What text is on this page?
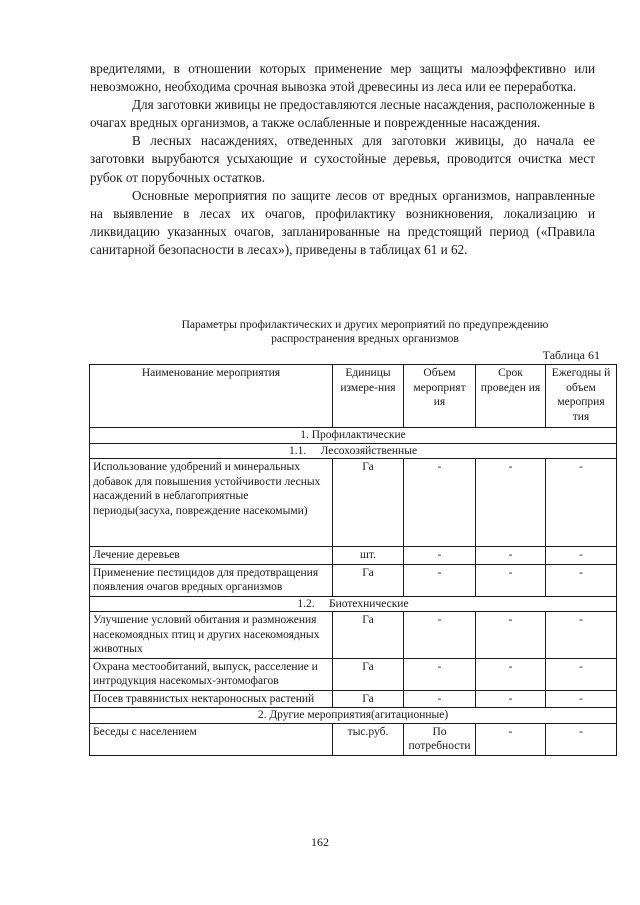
вредителями, в отношении которых применение мер защиты малоэффективно или невозможно, необходима срочная вывозка этой древесины из леса или ее переработка.

Для заготовки живицы не предоставляются лесные насаждения, расположенные в очагах вредных организмов, а также ослабленные и поврежденные насаждения.

В лесных насаждениях, отведенных для заготовки живицы, до начала ее заготовки вырубаются усыхающие и сухостойные деревья, проводится очистка мест рубок от порубочных остатков.

Основные мероприятия по защите лесов от вредных организмов, направленные на выявление в лесах их очагов, профилактику возникновения, локализацию и ликвидацию указанных очагов, запланированные на предстоящий период («Правила санитарной безопасности в лесах»), приведены в таблицах 61 и 62.

Параметры профилактических и других мероприятий по предупреждению
распространения вредных организмов
Таблица 61
Наименование мероприятия	Единицы измере-ния	Объем мероприят ия	Срок проведен ия	Ежегодны й объем мероприя тия
1. Профилактические				
1.1.     Лесохозяйственные				
Использование удобрений и минеральных добавок для повышения устойчивости лесных насаждений в неблагоприятные периоды(засуха, повреждение насекомыми)	Га	-	-	-
Лечение деревьев	шт.	-	-	-
Применение пестицидов для предотвращения появления очагов вредных организмов	Га	-	-	-
1.2.     Биотехнические				
Улучшение условий обитания и размножения насекомоядных птиц и других насекомоядных животных	Га	-	-	-
Охрана местообитаний, выпуск, расселение и интродукция насекомых-энтомофагов	Га	-	-	-
Посев травянистых нектароносных растений	Га	-	-	-
2. Другие мероприятия(агитационные)				
Беседы с населением	тыс.руб.	По потребности	-	-
162
